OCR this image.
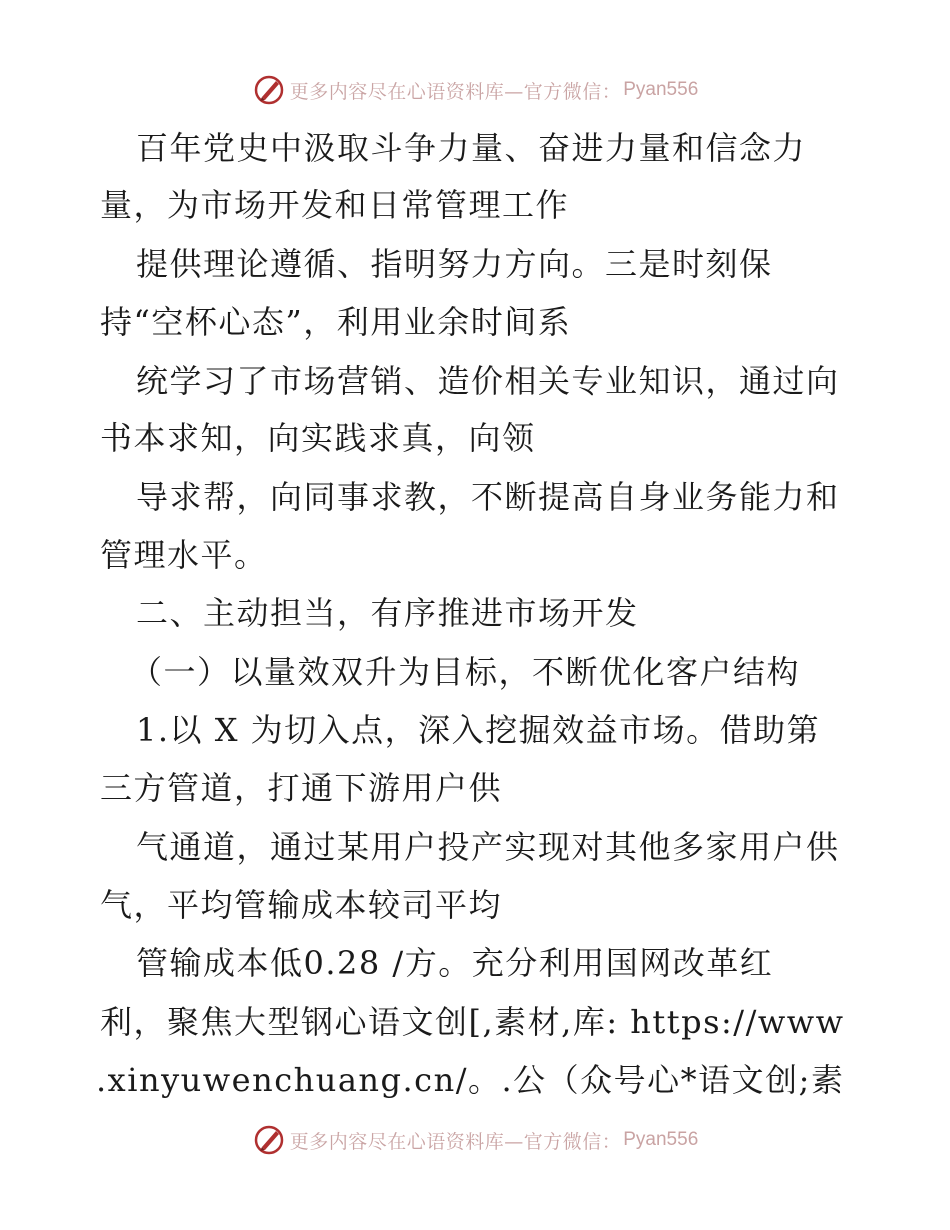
更多内容尽在心语资料库—官方微信： Pyan556
百年党史中汲取斗争力量、奋进力量和信念力
量，为市场开发和日常管理工作
提供理论遵循、指明努力方向。三是时刻保
持“空杯心态”，利用业余时间系
统学习了市场营销、造价相关专业知识，通过向
书本求知，向实践求真，向领
导求帮，向同事求教，不断提高自身业务能力和
管理水平。
二、主动担当，有序推进市场开发
（一）以量效双升为目标，不断优化客户结构
1.以 X 为切入点，深入挖掘效益市场。借助第
三方管道，打通下游用户供
气通道，通过某用户投产实现对其他多家用户供
气，平均管输成本较司平均
管输成本低0.28 /方。充分利用国网改革红
利，聚焦大型钢心语文创[,素材,库: https://www
.xinyuwenchuang.cn/。.公（众号心*语文创;素
更多内容尽在心语资料库—官方微信： Pyan556
